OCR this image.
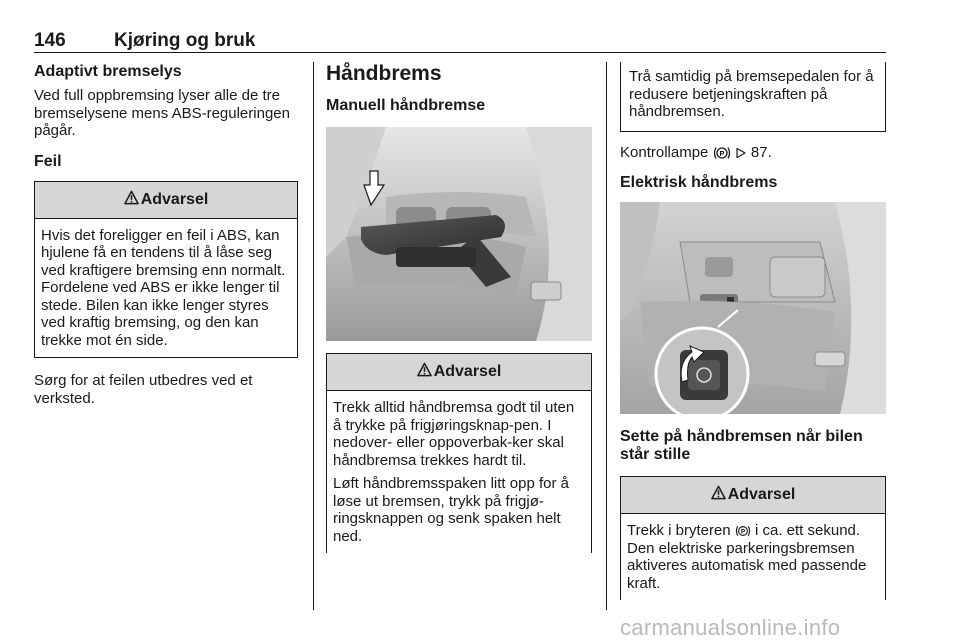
146	Kjøring og bruk
Adaptivt bremselys

Ved full oppbremsing lyser alle de tre bremselysene mens ABS-reguleringen pågår.

Feil
Advarsel

Hvis det foreligger en feil i ABS, kan hjulene få en tendens til å låse seg ved kraftigere bremsing enn normalt. Fordelene ved ABS er ikke lenger til stede. Bilen kan ikke lenger styres ved kraftig bremsing, og den kan trekke mot én side.

Sørg for at feilen utbedres ved et verksted.

Håndbrems
Manuell håndbremse
Advarsel

Trekk alltid håndbremsa godt til uten å trykke på frigjøringsknap-pen. I nedover- eller oppoverbak-ker skal håndbremsa trekkes hardt til.

Løft håndbremsspaken litt opp for å løse ut bremsen, trykk på frigjø-ringsknappen og senk spaken helt ned.

Trå samtidig på bremsepedalen for å redusere betjeningskraften på håndbremsen.

Kontrollampe P 87.

Elektrisk håndbrems
Sette på håndbremsen når bilen står stille
Advarsel

Trekk i bryteren P i ca. ett sekund. Den elektriske parkeringsbremsen aktiveres automatisk med passende kraft.

carmanualsonline.info
